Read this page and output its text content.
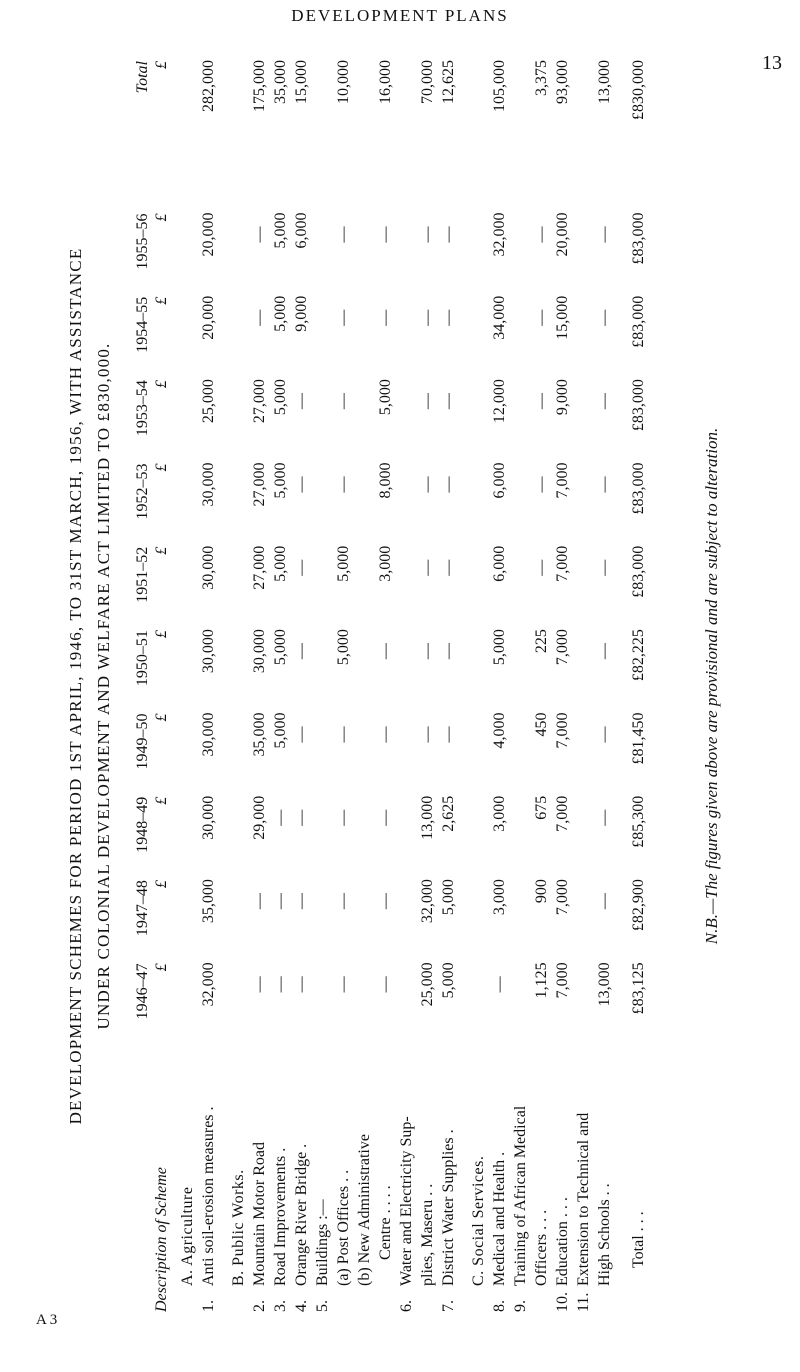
DEVELOPMENT PLANS
13
A 3
DEVELOPMENT SCHEMES FOR PERIOD 1ST APRIL, 1946, TO 31ST MARCH, 1956, WITH ASSISTANCE UNDER COLONIAL DEVELOPMENT AND WELFARE ACT LIMITED TO £830,000.
Description of Scheme	1946–47 £	1947–48 £	1948–49 £	1949–50 £	1950–51 £	1951–52 £	1952–53 £	1953–54 £	1954–55 £	1955–56 £	Total £

A. Agriculture											
1.Anti soil-erosion measures .	32,000	35,000	30,000	30,000	30,000	30,000	30,000	25,000	20,000	20,000	282,000
B. Public Works.											
2.Mountain Motor Road	—	—	29,000	35,000	30,000	27,000	27,000	27,000	—	—	175,000
3.Road Improvements .	—	—	—	5,000	5,000	5,000	5,000	5,000	5,000	5,000	35,000
4.Orange River Bridge .	—	—	—	—	—	—	—	—	9,000	6,000	15,000
5.Buildings :—											
(a) Post Offices . .	—	—	—	—	5,000	5,000	—	—	—	—	10,000
(b) New Administrative											
Centre . . . .	—	—	—	—	—	3,000	8,000	5,000	—	—	16,000
6.Water and Electricity Sup-											
plies, Maseru . .	25,000	32,000	13,000	—	—	—	—	—	—	—	70,000
7.District Water Supplies .	5,000	5,000	2,625	—	—	—	—	—	—	—	12,625
C. Social Services.											
8.Medical and Health .	—	3,000	3,000	4,000	5,000	6,000	6,000	12,000	34,000	32,000	105,000
9.Training of African Medical											
Officers . . .	1,125	900	675	450	225	—	—	—	—	—	3,375
10.Education . . .	7,000	7,000	7,000	7,000	7,000	7,000	7,000	9,000	15,000	20,000	93,000
11.Extension to Technical and											
High Schools . .	13,000	—	—	—	—	—	—	—	—	—	13,000
Total . . .	£83,125	£82,900	£85,300	£81,450	£82,225	£83,000	£83,000	£83,000	£83,000	£83,000	£830,000
N.B.—The figures given above are provisional and are subject to alteration.
